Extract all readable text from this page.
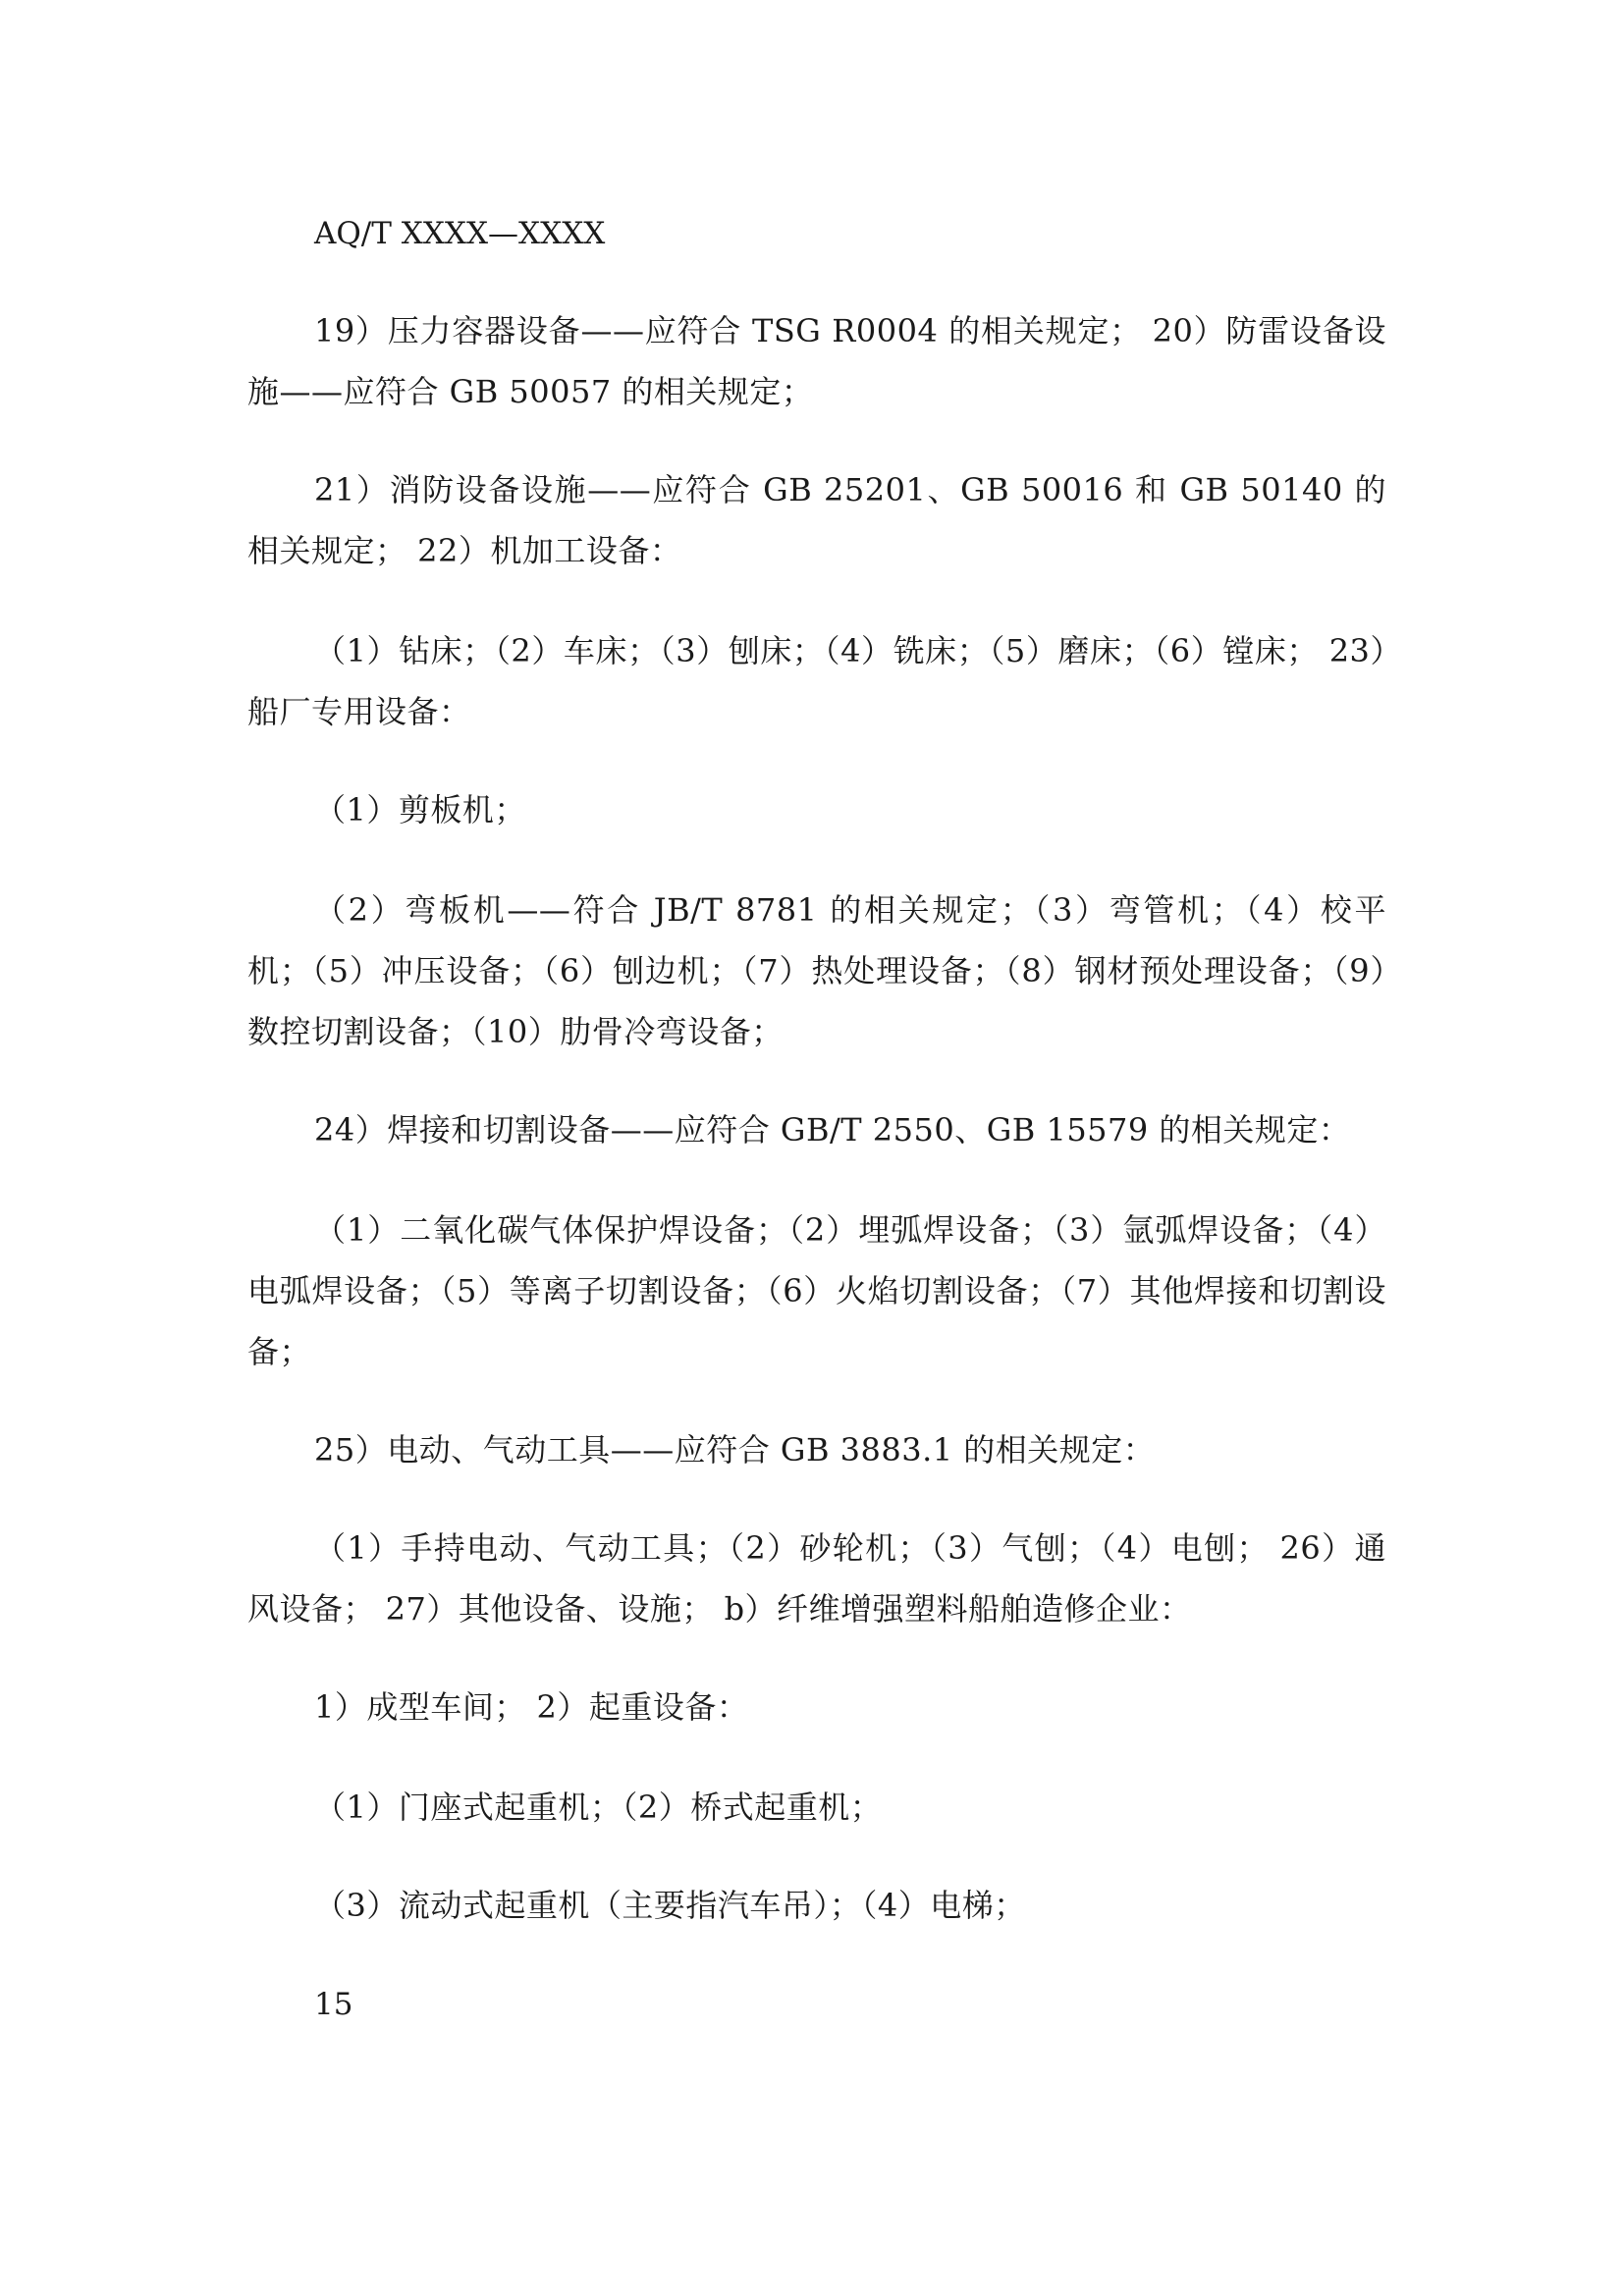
AQ/T XXXX—XXXX

19）压力容器设备——应符合 TSG R0004 的相关规定； 20）防雷设备设施——应符合 GB 50057 的相关规定；

21）消防设备设施——应符合 GB 25201、GB 50016 和 GB 50140 的相关规定； 22）机加工设备：

（1）钻床；（2）车床；（3）刨床；（4）铣床；（5）磨床；（6）镗床； 23）船厂专用设备：

（1）剪板机；

（2）弯板机——符合 JB/T 8781 的相关规定；（3）弯管机；（4）校平机；（5）冲压设备；（6）刨边机；（7）热处理设备；（8）钢材预处理设备；（9）数控切割设备；（10）肋骨冷弯设备；

24）焊接和切割设备——应符合 GB/T 2550、GB 15579 的相关规定：

（1）二氧化碳气体保护焊设备；（2）埋弧焊设备；（3）氩弧焊设备；（4）电弧焊设备；（5）等离子切割设备；（6）火焰切割设备；（7）其他焊接和切割设备；

25）电动、气动工具——应符合 GB 3883.1 的相关规定：

（1）手持电动、气动工具；（2）砂轮机；（3）气刨；（4）电刨； 26）通风设备； 27）其他设备、设施； b）纤维增强塑料船舶造修企业：

1）成型车间； 2）起重设备：

（1）门座式起重机；（2）桥式起重机；

（3）流动式起重机（主要指汽车吊）；（4）电梯；

15
